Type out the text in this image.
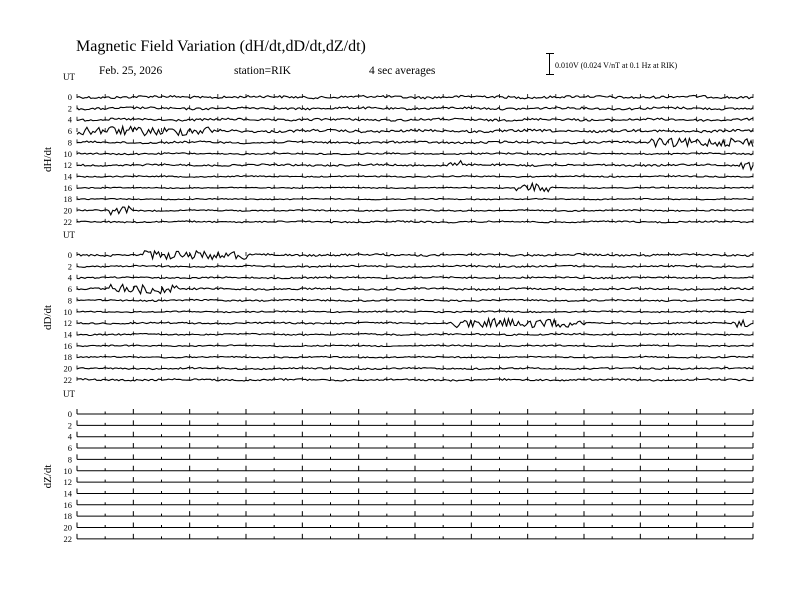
Magnetic Field Variation (dH/dt,dD/dt,dZ/dt)
Feb. 25, 2026	station=RIK	4 sec averages	0.010V (0.024 V/nT at 0.1 Hz at RIK)
UT
dH/dt
0
2
4
6
8
10
12
14
16
18
20
22
UT
dD/dt
0
2
4
6
8
10
12
14
16
18
20
22
UT
dZ/dt
0
2
4
6
8
10
12
14
16
18
20
22
